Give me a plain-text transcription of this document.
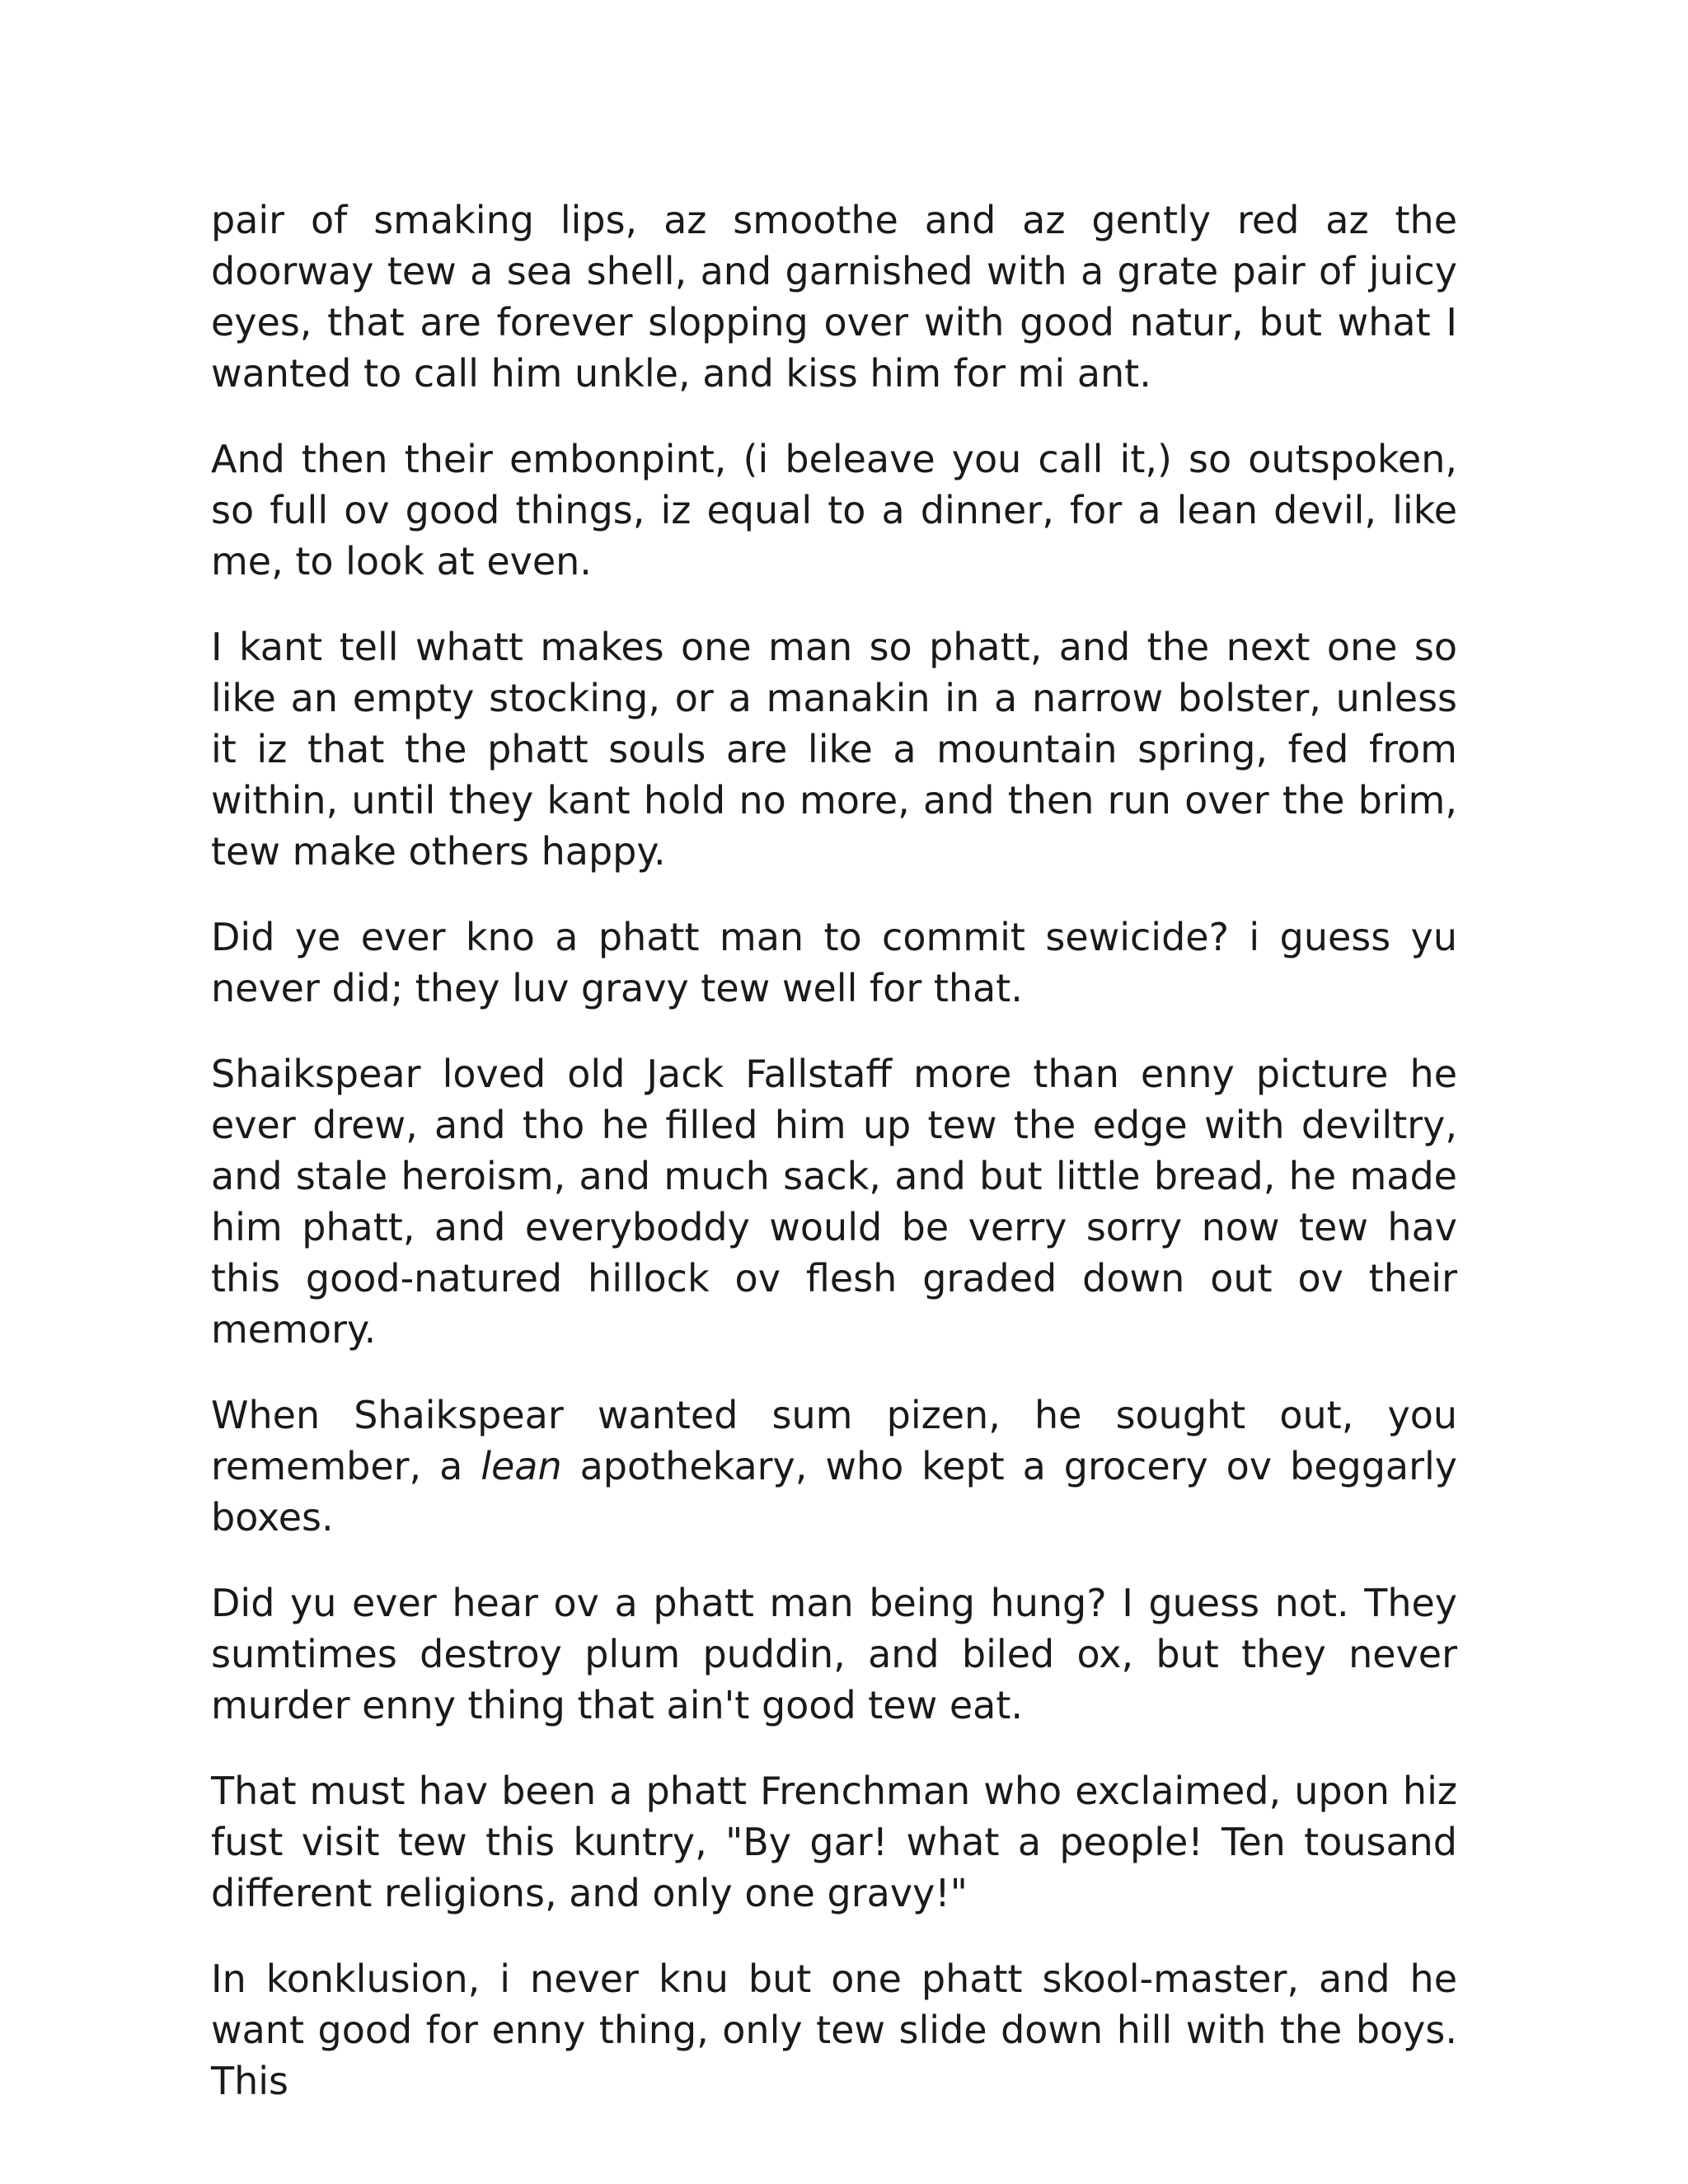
pair of smaking lips, az smoothe and az gently red az the doorway tew a sea shell, and garnished with a grate pair of juicy eyes, that are forever slopping over with good natur, but what I wanted to call him unkle, and kiss him for mi ant.

And then their embonpint, (i beleave you call it,) so outspoken, so full ov good things, iz equal to a dinner, for a lean devil, like me, to look at even.

I kant tell whatt makes one man so phatt, and the next one so like an empty stocking, or a manakin in a narrow bolster, unless it iz that the phatt souls are like a mountain spring, fed from within, until they kant hold no more, and then run over the brim, tew make others happy.

Did ye ever kno a phatt man to commit sewicide? i guess yu never did; they luv gravy tew well for that.

Shaikspear loved old Jack Fallstaff more than enny picture he ever drew, and tho he filled him up tew the edge with deviltry, and stale heroism, and much sack, and but little bread, he made him phatt, and everyboddy would be verry sorry now tew hav this good-natured hillock ov flesh graded down out ov their memory.

When Shaikspear wanted sum pizen, he sought out, you remember, a lean apothekary, who kept a grocery ov beggarly boxes.

Did yu ever hear ov a phatt man being hung? I guess not. They sumtimes destroy plum puddin, and biled ox, but they never murder enny thing that ain't good tew eat.

That must hav been a phatt Frenchman who exclaimed, upon hiz fust visit tew this kuntry, "By gar! what a people! Ten tousand different religions, and only one gravy!"

In konklusion, i never knu but one phatt skool-master, and he want good for enny thing, only tew slide down hill with the boys. This
